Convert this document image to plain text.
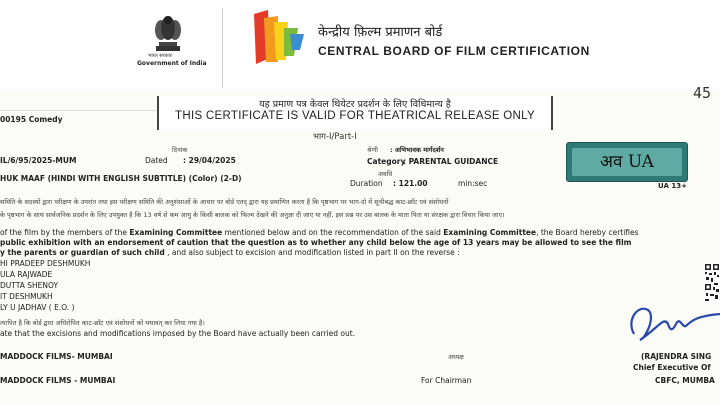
भारत सरकार
Government of India
केन्द्रीय फ़िल्म प्रमाणन बोर्ड
CENTRAL BOARD OF FILM CERTIFICATION
45
यह प्रमाण पत्र केवल थियेटर प्रदर्शन के लिए विधिमान्य है
THIS CERTIFICATE IS VALID FOR THEATRICAL RELEASE ONLY
भाग-I/Part-I
00195 Comedy
दिनांक
Dated : 29/04/2025
IL/6/95/2025-MUM
श्रेणी : अभिभावक मार्गदर्शन
Category
: PARENTAL GUIDANCE
HUK MAAF (HINDI WITH ENGLISH SUBTITLE) (Color) (2-D)	अवधि
Duration : 121.00	min:sec
अव UA
UA 13+
समिति के सदस्यों द्वारा परीक्षण के उपरांत तथा इस परीक्षण समिति की अनुशंसाओं के आधार पर बोर्ड एतद् द्वारा यह प्रमाणित करता है कि पृष्ठभाग पर भाग-दो में सूचीबद्ध काट-छाँट एवं संशोधनों
के पृष्ठभाग के साथ सार्वजनिक प्रदर्शन के लिए उपयुक्त है कि 13 वर्ष से कम आयु के किसी बालक को फिल्म देखने की अनुज्ञा दी जाए या नहीं, इस प्रश्न पर उस बालक के माता पिता या संरक्षक द्वारा विचार किया जाए।
of the film by the members of the Examining Committee mentioned below and on the recommendation of the said Examining Committee, the Board hereby certifies
public exhibition with an endorsement of caution that the question as to whether any child below the age of 13 years may be allowed to see the film
y the parents or guardian of such child , and also subject to excision and modification listed in part II on the reverse :
HI PRADEEP DESHMUKH
ULA RAJWADE
DUTTA SHENOY
IT DESHMUKH
LY U JADHAV ( E.O. )
त्यापित है कि बोर्ड द्वारा अधिरोपित काट-छाँट एवं संशोधनों को यथावत् कर लिया गया है।
ate that the excisions and modifications imposed by the Board have actually been carried out.
MADDOCK FILMS- MUMBAI
MADDOCK FILMS - MUMBAI
अध्यक्ष
For Chairman
(RAJENDRA SING
Chief Executive Of
CBFC, MUMBA
